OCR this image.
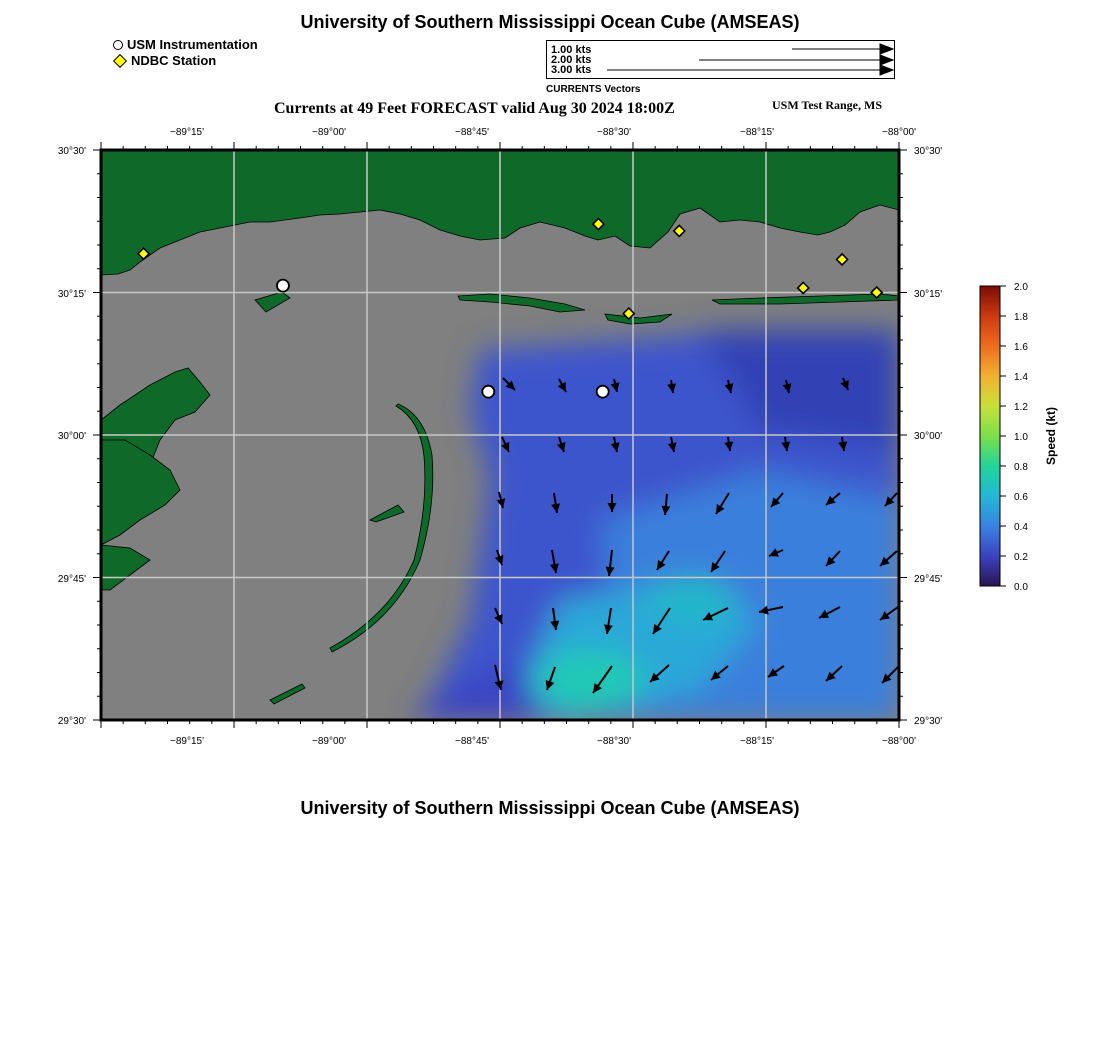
University of Southern Mississippi Ocean Cube (AMSEAS)
USM Instrumentation
NDBC Station
1.00 kts
2.00 kts
3.00 kts
CURRENTS Vectors
Currents at 49 Feet FORECAST valid Aug 30 2024 18:00Z	USM Test Range, MS
−89°15'	−89°00'	−88°45'	−88°30'	−88°15'	−88°00'
−89°15'	−89°00'	−88°45'	−88°30'	−88°15'	−88°00'
30°30'
30°15'
30°00'
29°45'
29°30'
30°30'
30°15'
30°00'
29°45'
29°30'
2.0
1.8
1.6
1.4
1.2
1.0
0.8
0.6
0.4
0.2
0.0
Speed (kt)
University of Southern Mississippi Ocean Cube (AMSEAS)
